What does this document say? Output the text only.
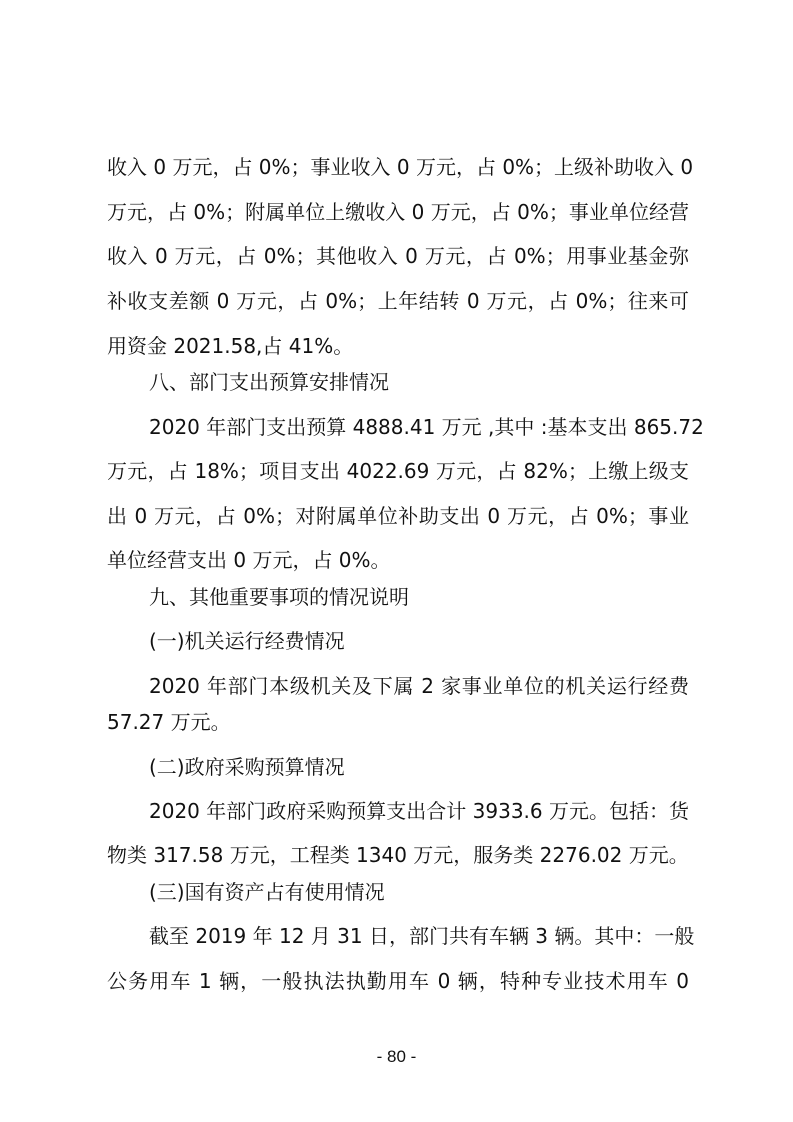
收入 0 万元，占 0%；事业收入 0 万元，占 0%；上级补助收入 0
万元，占 0%；附属单位上缴收入 0 万元，占 0%；事业单位经营
收入 0 万元，占 0%；其他收入 0 万元，占 0%；用事业基金弥
补收支差额 0 万元，占 0%；上年结转 0 万元，占 0%；往来可
用资金 2021.58,占 41%。
八、部门支出预算安排情况
2020 年部门支出预算 4888.41 万元 ,其中 :基本支出 865.72
万元，占 18%；项目支出 4022.69 万元，占 82%；上缴上级支
出 0 万元，占 0%；对附属单位补助支出 0 万元，占 0%；事业
单位经营支出 0 万元，占 0%。
九、其他重要事项的情况说明
(一)机关运行经费情况
2020 年部门本级机关及下属 2 家事业单位的机关运行经费
57.27 万元。
(二)政府采购预算情况
2020 年部门政府采购预算支出合计 3933.6 万元。包括：货
物类 317.58 万元，工程类 1340 万元，服务类 2276.02 万元。
(三)国有资产占有使用情况
截至 2019 年 12 月 31 日，部门共有车辆 3 辆。其中：一般
公务用车 1 辆，一般执法执勤用车 0 辆，特种专业技术用车 0
- 80 -
